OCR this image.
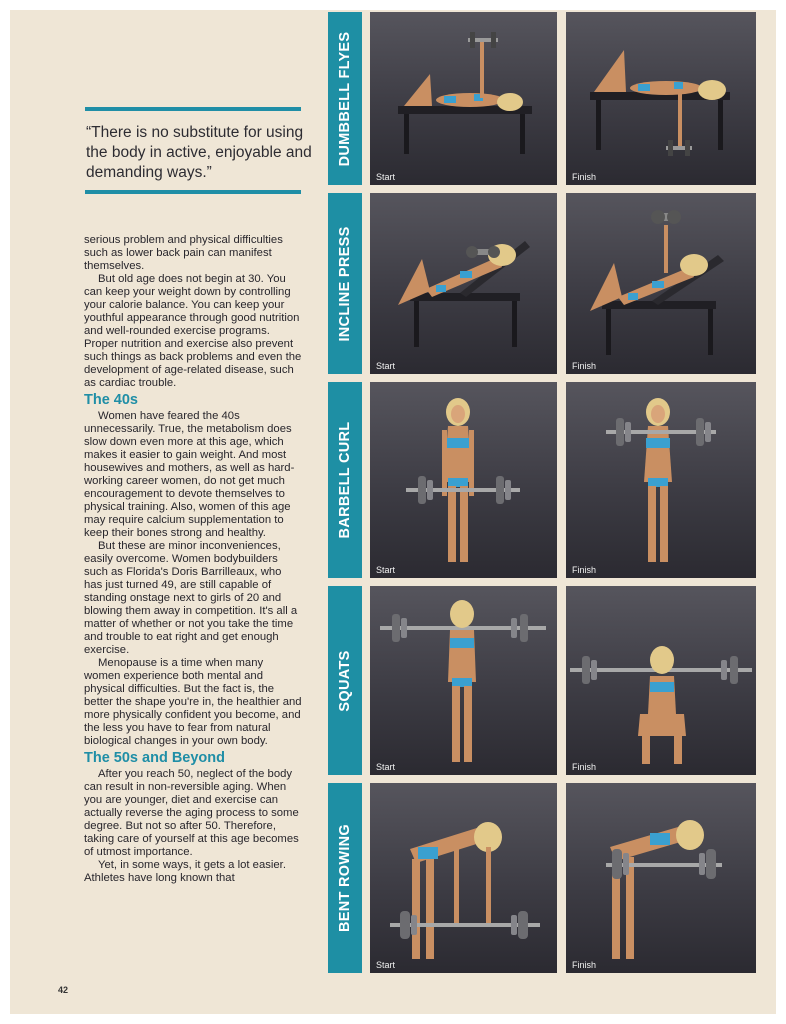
“There is no substitute for using the body in active, enjoyable and demanding ways.”

serious problem and physical difficulties such as lower back pain can manifest themselves.

But old age does not begin at 30. You can keep your weight down by controlling your calorie balance. You can keep your youthful appearance through good nutrition and well-rounded exercise programs. Proper nutrition and exercise also prevent such things as back problems and even the development of age-related disease, such as cardiac trouble.

The 40s

Women have feared the 40s unnecessarily. True, the metabolism does slow down even more at this age, which makes it easier to gain weight. And most housewives and mothers, as well as hard-working career women, do not get much encouragement to devote themselves to physical training. Also, women of this age may require calcium supplementation to keep their bones strong and healthy.

But these are minor inconveniences, easily overcome. Women bodybuilders such as Florida's Doris Barrilleaux, who has just turned 49, are still capable of standing onstage next to girls of 20 and blowing them away in competition. It's all a matter of whether or not you take the time and trouble to eat right and get enough exercise.

Menopause is a time when many women experience both mental and physical difficulties. But the fact is, the better the shape you're in, the healthier and more physically confident you become, and the less you have to fear from natural biological changes in your own body.

The 50s and Beyond

After you reach 50, neglect of the body can result in non-reversible aging. When you are younger, diet and exercise can actually reverse the aging process to some degree. But not so after 50. Therefore, taking care of yourself at this age becomes of utmost importance.

Yet, in some ways, it gets a lot easier. Athletes have long known that

42
DUMBBELL FLYES
Start	Finish
INCLINE PRESS
Start	Finish
BARBELL CURL
Start	Finish
SQUATS
Start	Finish
BENT ROWING
Start	Finish
